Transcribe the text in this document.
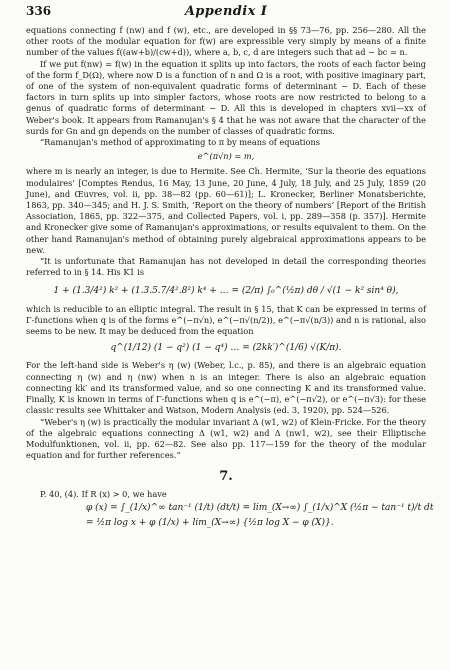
336	Appendix I

equations connecting f (nw) and f (w), etc., are developed in §§ 73—76, pp. 256—280. All the other roots of the modular equation for f(w) are expressible very simply by means of a finite number of the values f((aw+b)/(cw+d)), where a, b, c, d are integers such that ad − bc = n.

If we put f(nw) = f(w) in the equation it splits up into factors, the roots of each factor being of the form f_D(Ω), where now D is a function of n and Ω is a root, with positive imaginary part, of one of the system of non-equivalent quadratic forms of determinant − D. Each of these factors in turn splits up into simpler factors, whose roots are now restricted to belong to a genus of quadratic forms of determinant − D. All this is developed in chapters xvii—xx of Weber's book. It appears from Ramanujan's § 4 that he was not aware that the character of the surds for Gn and gn depends on the number of classes of quadratic forms.

“Ramanujan's method of approximating to π by means of equations

e^(π√n) = m,

where m is nearly an integer, is due to Hermite. See Ch. Hermite, ‘Sur la theorie des equations modulaires’ [Comptes Rendus, 16 May, 13 June, 20 June, 4 July, 18 July, and 25 July, 1859 (20 June), and Œuvres, vol. ii, pp. 38—82 (pp. 60—61)]; L. Kronecker, Berliner Monatsberichte, 1863, pp. 340—345; and H. J. S. Smith, ‘Report on the theory of numbers’ [Report of the British Association, 1865, pp. 322—375, and Collected Papers, vol. i, pp. 289—358 (p. 357)]. Hermite and Kronecker give some of Ramanujan's approximations, or results equivalent to them. On the other hand Ramanujan's method of obtaining purely algebraical approximations appears to be new.

“It is unfortunate that Ramanujan has not developed in detail the corresponding theories referred to in § 14. His K1 is

1 + (1.3/4²) k² + (1.3.5.7/4².8²) k⁴ + … = (2/π) ∫₀^(½π) dθ / √(1 − k² sin⁴ θ),

which is reducible to an elliptic integral. The result in § 15, that K can be expressed in terms of Γ-functions when q is of the forms e^(−π√n), e^(−π√(n/2)), e^(−π√(n/3)) and n is rational, also seems to be new. It may be deduced from the equation

q^(1/12) (1 − q²) (1 − q⁴) … = (2kk′)^(1/6) √(K/π).

For the left-hand side is Weber's η (w) (Weber, l.c., p. 85), and there is an algebraic equation connecting η (w) and η (nw) when n is an integer. There is also an algebraic equation connecting kk′ and its transformed value, and so one connecting K and its transformed value. Finally, K is known in terms of Γ-functions when q is e^(−π), e^(−π√2), or e^(−π√3): for these classic results see Whittaker and Watson, Modern Analysis (ed. 3, 1920), pp. 524—526.

“Weber's η (w) is practically the modular invariant Δ (w1, w2) of Klein-Fricke. For the theory of the algebraic equations connecting Δ (w1, w2) and Δ (nw1, w2), see their Elliptische Modulfunktionen, vol. ii, pp. 62—82. See also pp. 117—159 for the theory of the modular equation and for further references.”

7.

P. 40, (4). If R (x) > 0, we have

φ (x) = ∫_(1/x)^∞ tan⁻¹ (1/t) (dt/t) = lim_(X→∞) ∫_(1/x)^X (½π − tan⁻¹ t)/t dt
= ½π log x + φ (1/x) + lim_(X→∞) {½π log X − φ (X)}.
